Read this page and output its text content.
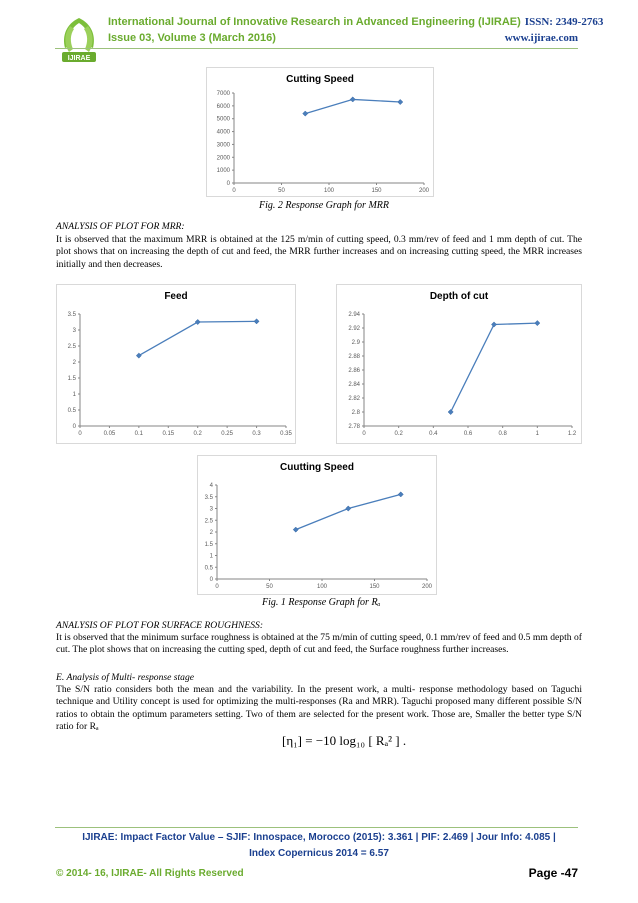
IJIRAE
International Journal of Innovative Research in Advanced Engineering (IJIRAE) ISSN: 2349-2763
Issue 03, Volume 3 (March 2016)	www.ijirae.com
Cutting Speed
0
1000
2000
3000
4000
5000
6000
7000
0	50	100	150	200
Fig. 2 Response Graph for MRR
ANALYSIS OF PLOT FOR MRR:
It is observed that the maximum MRR is obtained at the 125 m/min of cutting speed, 0.3 mm/rev of feed and 1 mm depth of cut. The plot shows that on increasing the depth of cut and feed, the MRR further increases and on increasing cutting speed, the MRR increases initially and then decreases.
Feed
0
0.5
1
1.5
2
2.5
3
3.5
0	0.05	0.1	0.15	0.2	0.25	0.3	0.35
Depth of cut
2.78
2.8
2.82
2.84
2.86
2.88
2.9
2.92
2.94
0	0.2	0.4	0.6	0.8	1	1.2
Cuutting Speed
0
0.5
1
1.5
2
2.5
3
3.5
4
0	50	100	150	200
Fig. 1 Response Graph for Rₐ
ANALYSIS OF PLOT FOR SURFACE ROUGHNESS:
It is observed that the minimum surface roughness is obtained at the 75 m/min of cutting speed, 0.1 mm/rev of feed and 0.5 mm depth of cut. The plot shows that on increasing the cutting sped, depth of cut and feed, the Surface roughness further increases.
E. Analysis of Multi- response stage
The S/N ratio considers both the mean and the variability. In the present work, a multi- response methodology based on Taguchi technique and Utility concept is used for optimizing the multi-responses (Ra and MRR). Taguchi proposed many different possible S/N ratios to obtain the optimum parameters setting. Two of them are selected for the present work. Those are, Smaller the better type S/N ratio for Rₐ
[η₁] = −10 log₁₀ [ Rₐ² ] .
IJIRAE: Impact Factor Value – SJIF: Innospace, Morocco (2015): 3.361 | PIF: 2.469 | Jour Info: 4.085 |
Index Copernicus 2014 = 6.57
© 2014- 16, IJIRAE- All Rights Reserved	Page -47
